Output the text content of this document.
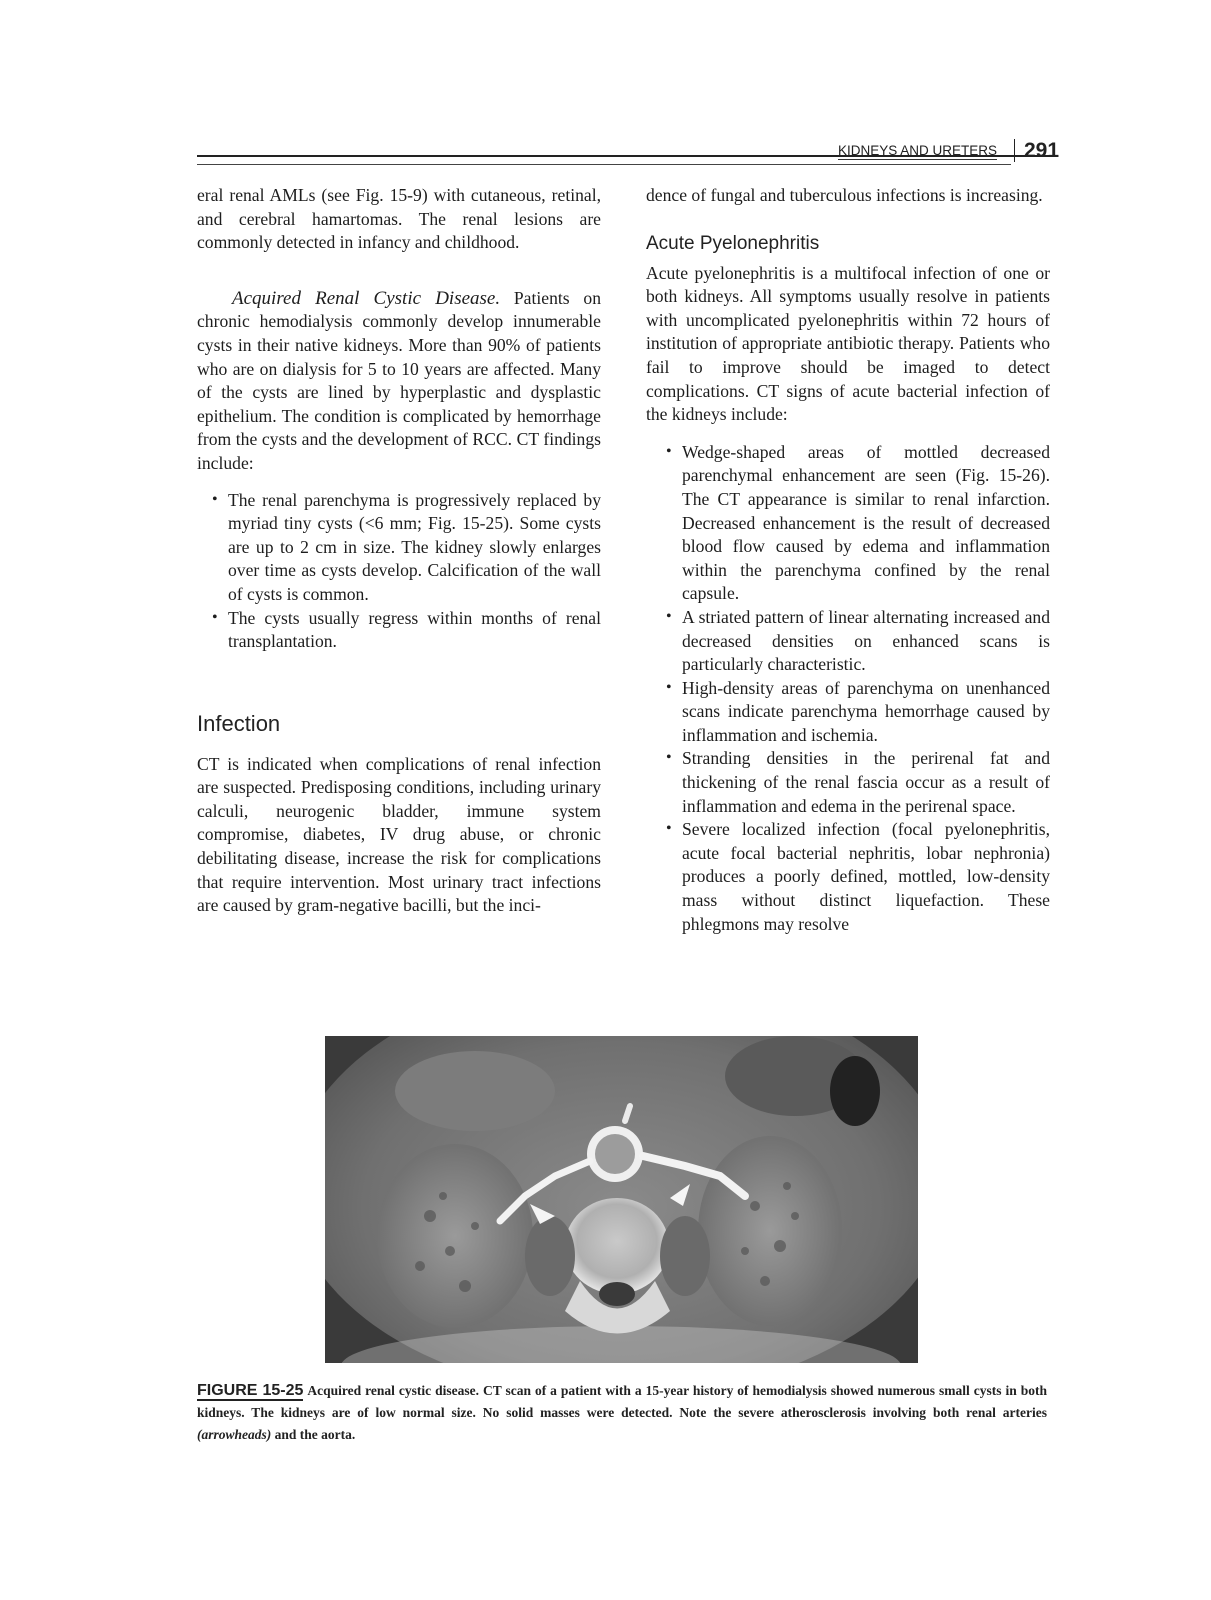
KIDNEYS AND URETERS	291

eral renal AMLs (see Fig. 15-9) with cutaneous, retinal, and cerebral hamartomas. The renal lesions are commonly detected in infancy and childhood.

Acquired Renal Cystic Disease. Patients on chronic hemodialysis commonly develop innumerable cysts in their native kidneys. More than 90% of patients who are on dialysis for 5 to 10 years are affected. Many of the cysts are lined by hyperplastic and dysplastic epithelium. The condition is complicated by hemorrhage from the cysts and the development of RCC. CT findings include:

• The renal parenchyma is progressively replaced by myriad tiny cysts (<6 mm; Fig. 15-25). Some cysts are up to 2 cm in size. The kidney slowly enlarges over time as cysts develop. Calcification of the wall of cysts is common.
• The cysts usually regress within months of renal transplantation.
Infection

CT is indicated when complications of renal infection are suspected. Predisposing conditions, including urinary calculi, neurogenic bladder, immune system compromise, diabetes, IV drug abuse, or chronic debilitating disease, increase the risk for complications that require intervention. Most urinary tract infections are caused by gram-negative bacilli, but the inci-

dence of fungal and tuberculous infections is increasing.

Acute Pyelonephritis

Acute pyelonephritis is a multifocal infection of one or both kidneys. All symptoms usually resolve in patients with uncomplicated pyelonephritis within 72 hours of institution of appropriate antibiotic therapy. Patients who fail to improve should be imaged to detect complications. CT signs of acute bacterial infection of the kidneys include:

• Wedge-shaped areas of mottled decreased parenchymal enhancement are seen (Fig. 15-26). The CT appearance is similar to renal infarction. Decreased enhancement is the result of decreased blood flow caused by edema and inflammation within the parenchyma confined by the renal capsule.
• A striated pattern of linear alternating increased and decreased densities on enhanced scans is particularly characteristic.
• High-density areas of parenchyma on unenhanced scans indicate parenchyma hemorrhage caused by inflammation and ischemia.
• Stranding densities in the perirenal fat and thickening of the renal fascia occur as a result of inflammation and edema in the perirenal space.
• Severe localized infection (focal pyelonephritis, acute focal bacterial nephritis, lobar nephronia) produces a poorly defined, mottled, low-density mass without distinct liquefaction. These phlegmons may resolve
FIGURE 15-25 Acquired renal cystic disease. CT scan of a patient with a 15-year history of hemodialysis showed numerous small cysts in both kidneys. The kidneys are of low normal size. No solid masses were detected. Note the severe atherosclerosis involving both renal arteries (arrowheads) and the aorta.
